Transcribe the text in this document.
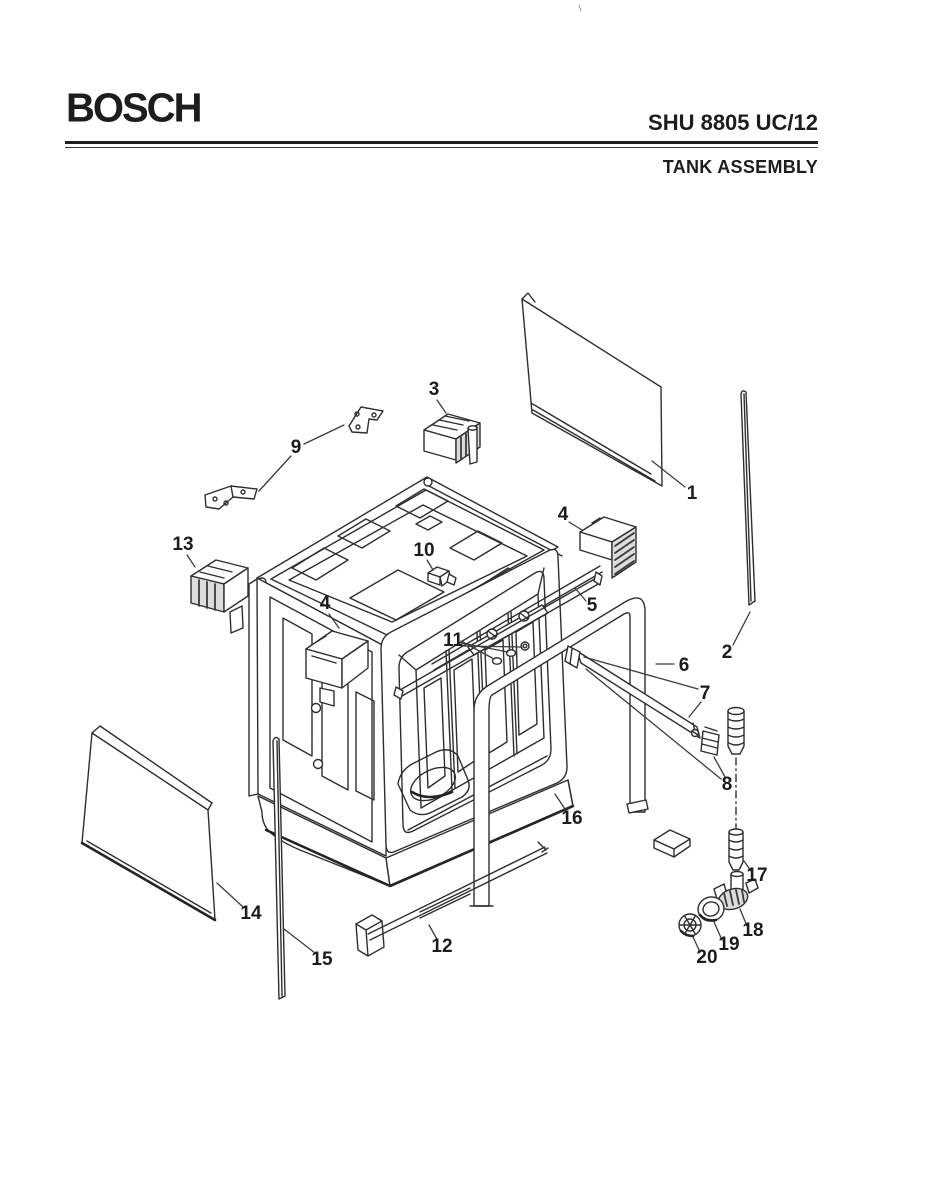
BOSCH	SHU 8805 UC/12
TANK ASSEMBLY
1
2
3
4
4	5
6
7
8
9
10
11
12
13
14
15
16
17
18
19
20
